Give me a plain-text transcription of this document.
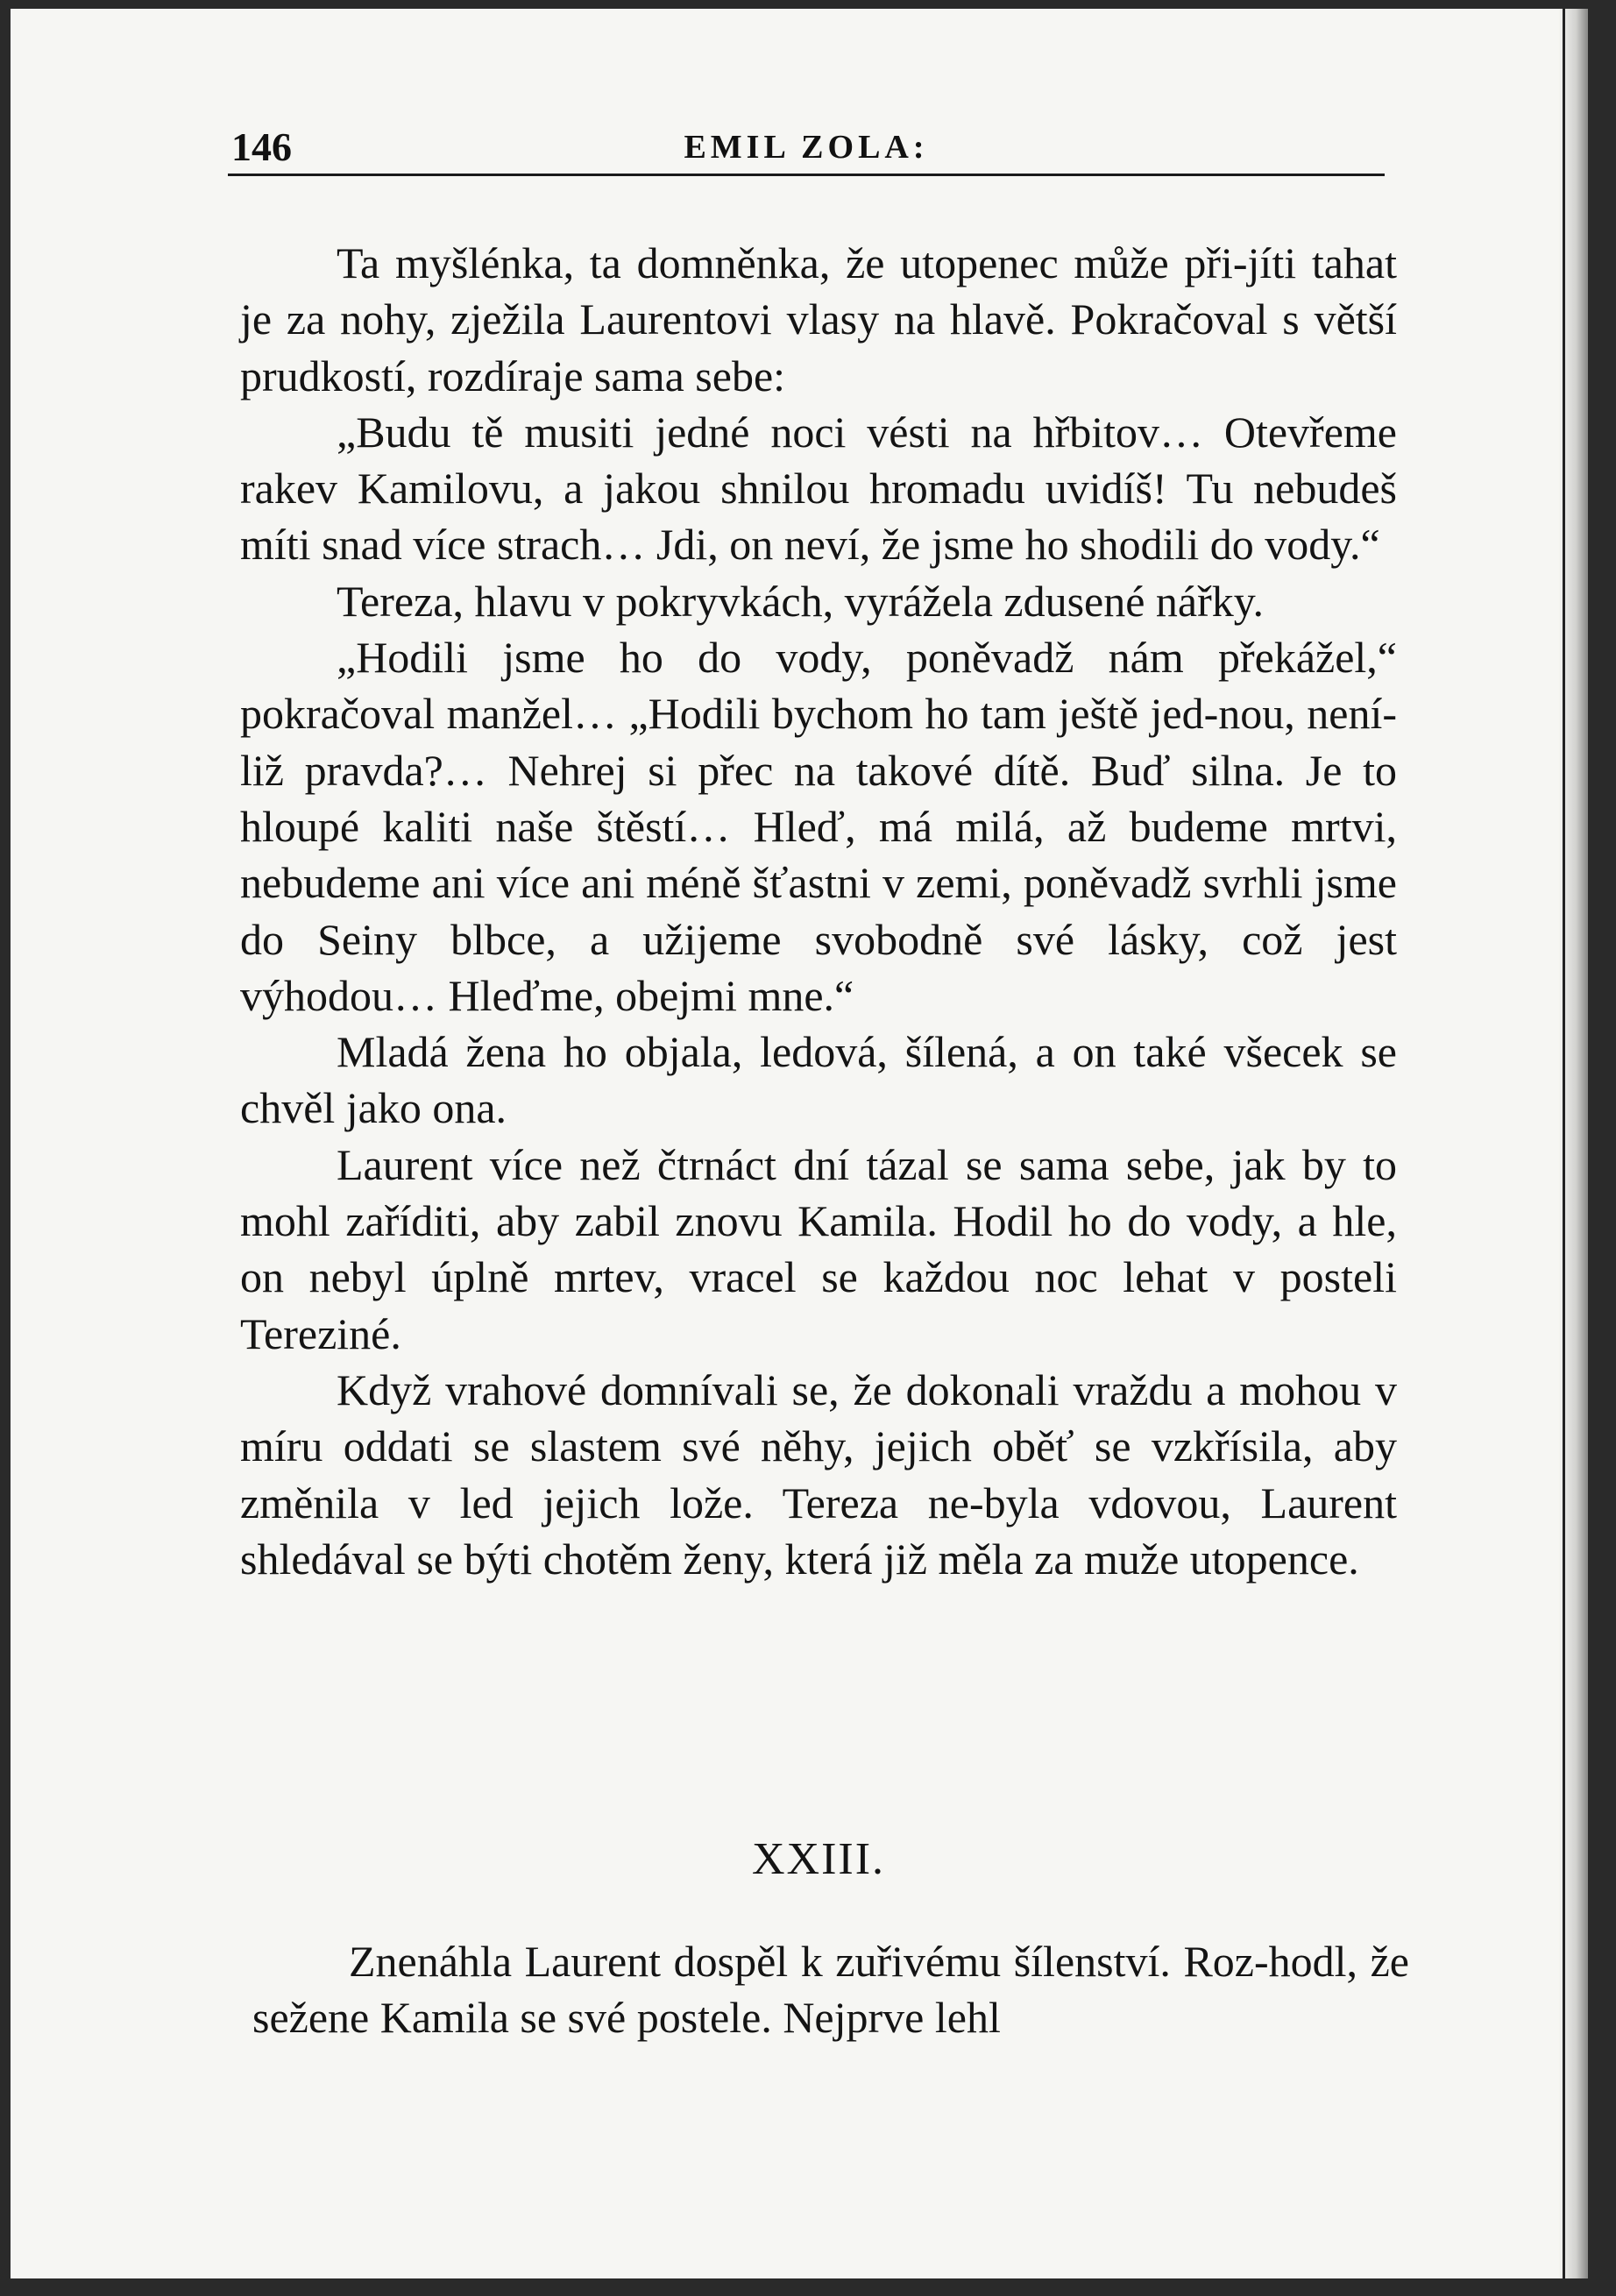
146	EMIL ZOLA:

Ta myšlénka, ta domněnka, že utopenec může při-jíti tahat je za nohy, zježila Laurentovi vlasy na hlavě. Pokračoval s větší prudkostí, rozdíraje sama sebe:

„Budu tě musiti jedné noci vésti na hřbitov… Otevřeme rakev Kamilovu, a jakou shnilou hromadu uvidíš! Tu nebudeš míti snad více strach… Jdi, on neví, že jsme ho shodili do vody.“

Tereza, hlavu v pokryvkách, vyrážela zdusené nářky.

„Hodili jsme ho do vody, poněvadž nám překážel,“ pokračoval manžel… „Hodili bychom ho tam ještě jed-nou, není-liž pravda?… Nehrej si přec na takové dítě. Buď silna. Je to hloupé kaliti naše štěstí… Hleď, má milá, až budeme mrtvi, nebudeme ani více ani méně šťastni v zemi, poněvadž svrhli jsme do Seiny blbce, a užijeme svobodně své lásky, což jest výhodou… Hleďme, obejmi mne.“

Mladá žena ho objala, ledová, šílená, a on také všecek se chvěl jako ona.

Laurent více než čtrnáct dní tázal se sama sebe, jak by to mohl zaříditi, aby zabil znovu Kamila. Hodil ho do vody, a hle, on nebyl úplně mrtev, vracel se každou noc lehat v posteli Tereziné.

Když vrahové domnívali se, že dokonali vraždu a mohou v míru oddati se slastem své něhy, jejich oběť se vzkřísila, aby změnila v led jejich lože. Tereza ne-byla vdovou, Laurent shledával se býti chotěm ženy, která již měla za muže utopence.

XXIII.

Znenáhla Laurent dospěl k zuřivému šílenství. Roz-hodl, že sežene Kamila se své postele. Nejprve lehl
